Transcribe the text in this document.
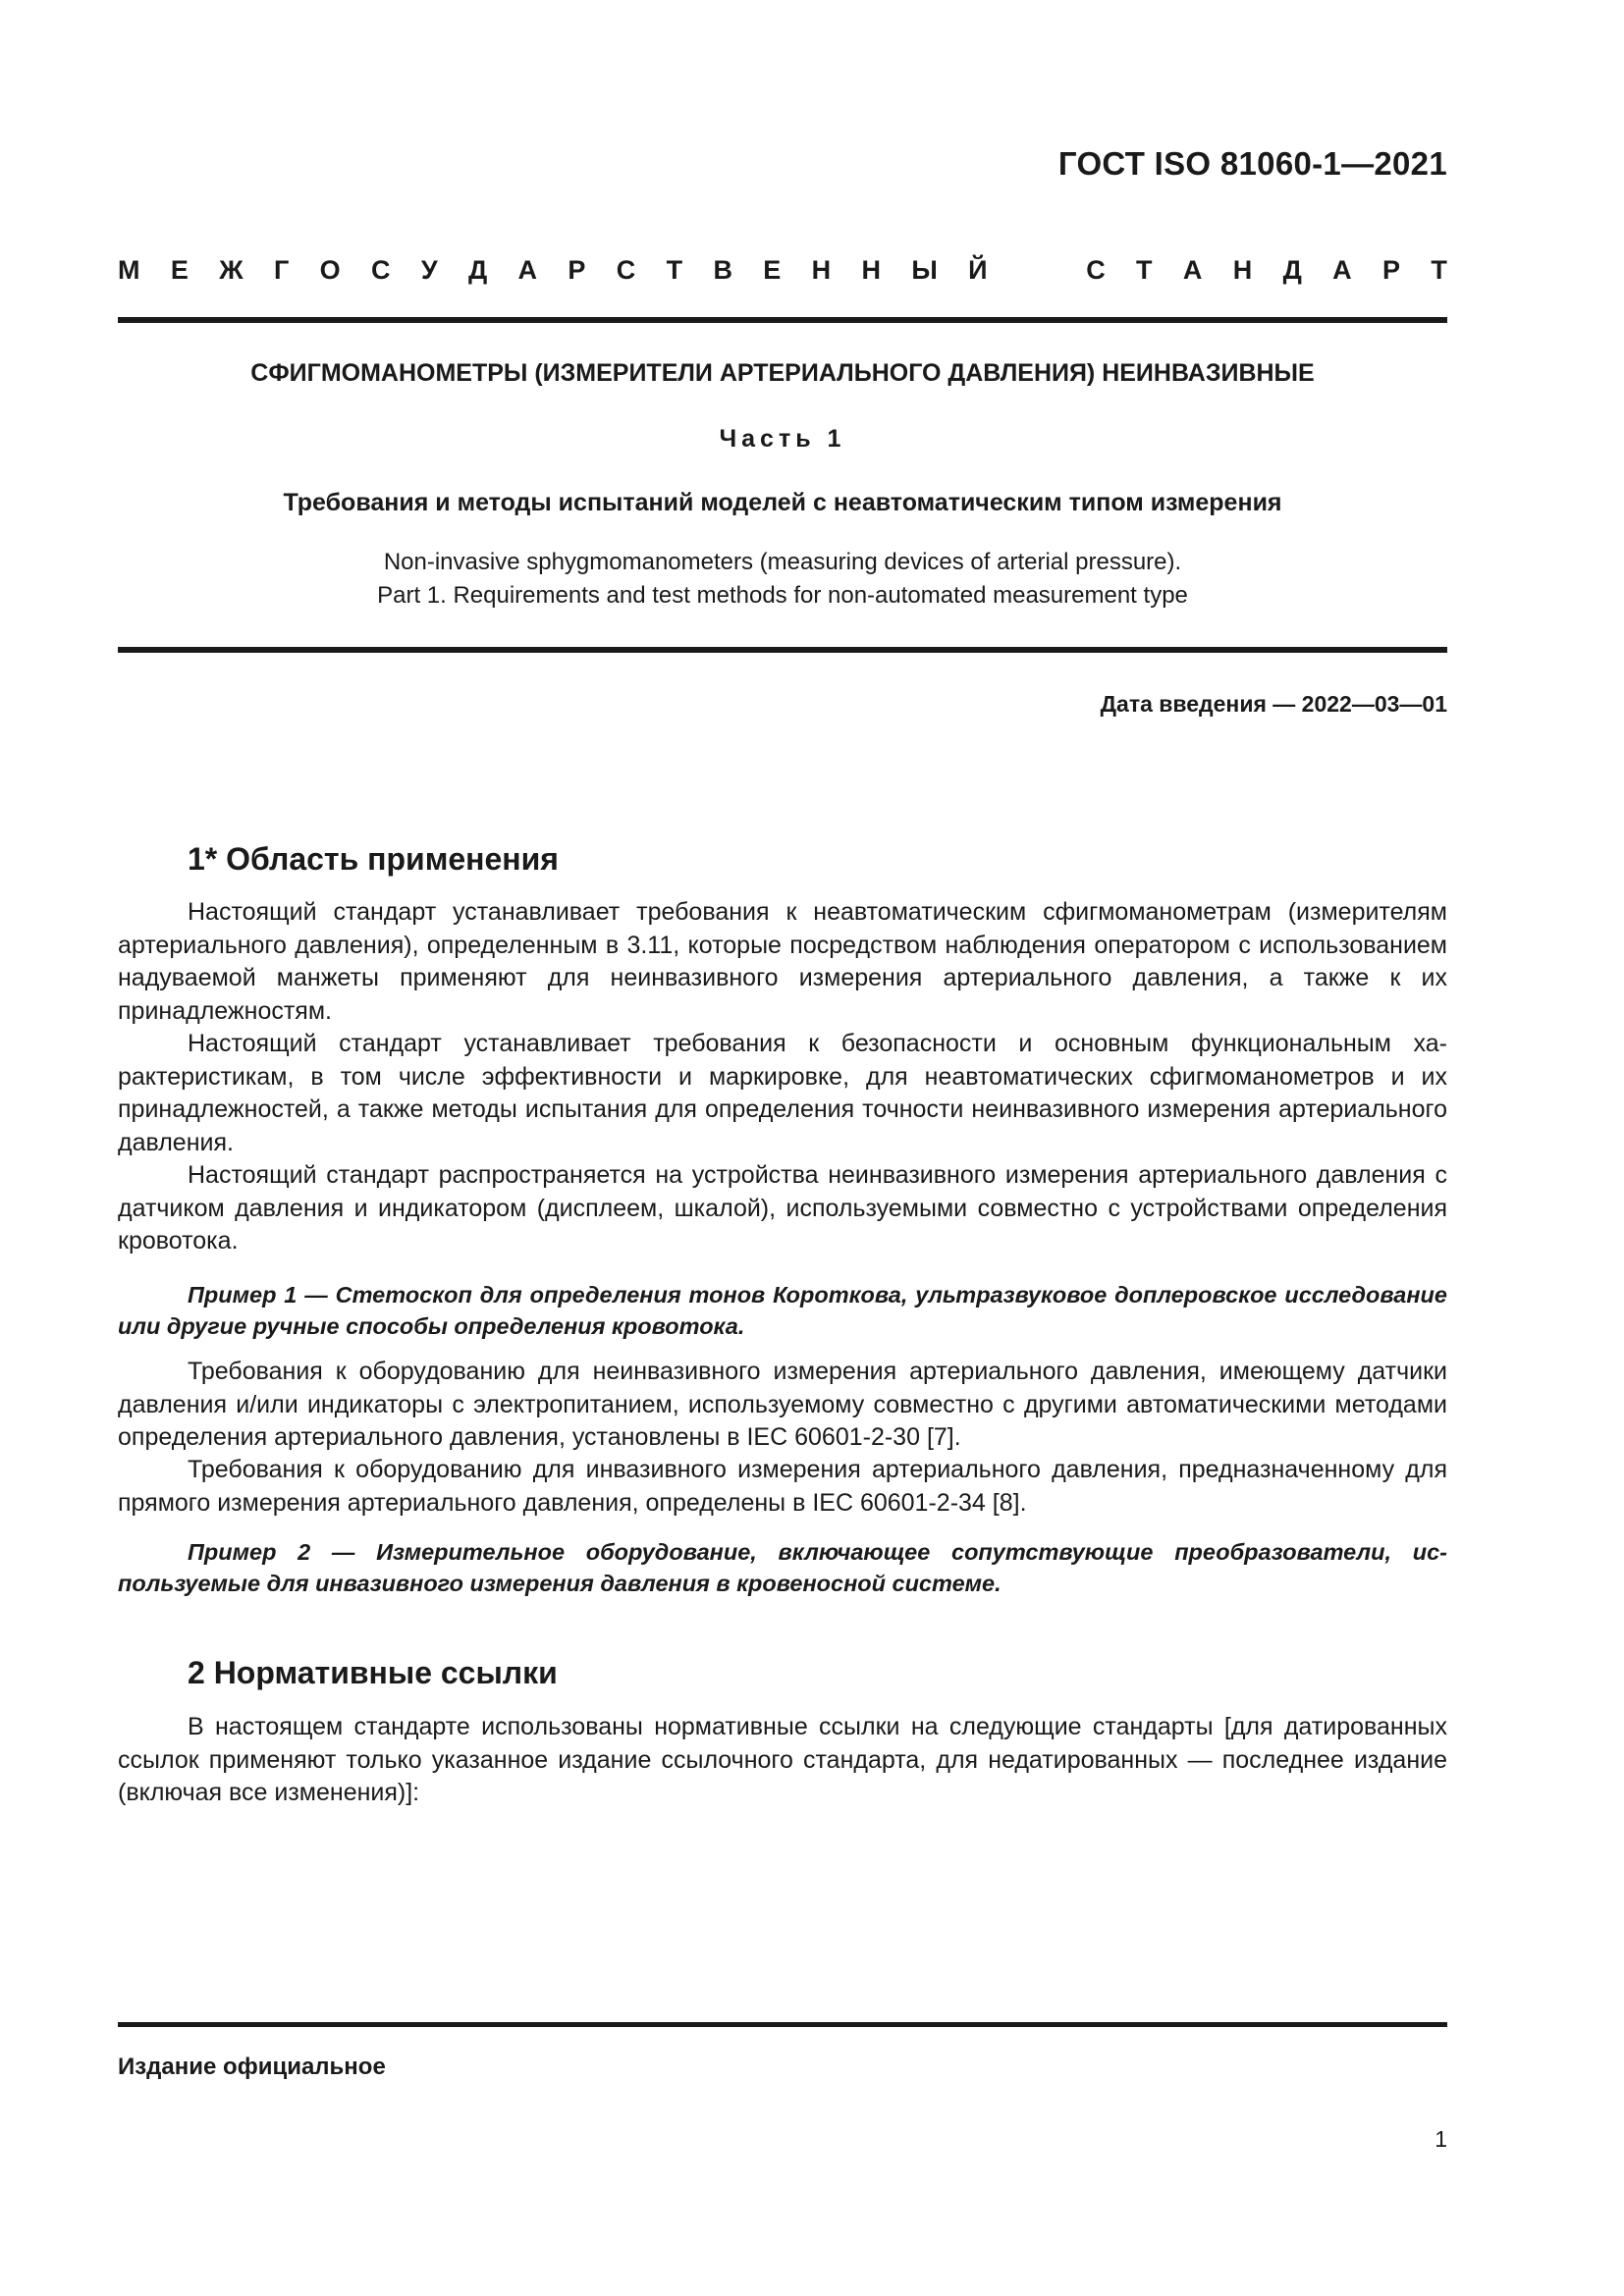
ГОСТ ISO 81060-1—2021
М Е Ж Г О С У Д А Р С Т В Е Н Н Ы Й	С Т А Н Д А Р Т
СФИГМОМАНОМЕТРЫ (ИЗМЕРИТЕЛИ АРТЕРИАЛЬНОГО ДАВЛЕНИЯ) НЕИНВАЗИВНЫЕ
Часть 1
Требования и методы испытаний моделей с неавтоматическим типом измерения
Non-invasive sphygmomanometers (measuring devices of arterial pressure).
Part 1. Requirements and test methods for non-automated measurement type
Дата введения — 2022—03—01
1* Область применения

Настоящий стандарт устанавливает требования к неавтоматическим сфигмоманометрам (измерителям артериального давления), определенным в 3.11, которые посредством наблюдения оператором с использованием надуваемой манжеты применяют для неинвазивного измерения артериального давления, а также к их принадлежностям.

Настоящий стандарт устанавливает требования к безопасности и основным функциональным характеристикам, в том числе эффективности и маркировке, для неавтоматических сфигмоманометров и их принадлежностей, а также методы испытания для определения точности неинвазивного измерения артериального давления.

Настоящий стандарт распространяется на устройства неинвазивного измерения артериального давления с датчиком давления и индикатором (дисплеем, шкалой), используемыми совместно с устройствами определения кровотока.

Пример 1 — Стетоскоп для определения тонов Короткова, ультразвуковое доплеровское исследование или другие ручные способы определения кровотока.

Требования к оборудованию для неинвазивного измерения артериального давления, имеющему датчики давления и/или индикаторы с электропитанием, используемому совместно с другими автоматическими методами определения артериального давления, установлены в IEC 60601-2-30 [7].

Требования к оборудованию для инвазивного измерения артериального давления, предназначенному для прямого измерения артериального давления, определены в IEC 60601-2-34 [8].

Пример 2 — Измерительное оборудование, включающее сопутствующие преобразователи, используемые для инвазивного измерения давления в кровеносной системе.

2 Нормативные ссылки

В настоящем стандарте использованы нормативные ссылки на следующие стандарты [для датированных ссылок применяют только указанное издание ссылочного стандарта, для недатированных — последнее издание (включая все изменения)]:

Издание официальное
1
